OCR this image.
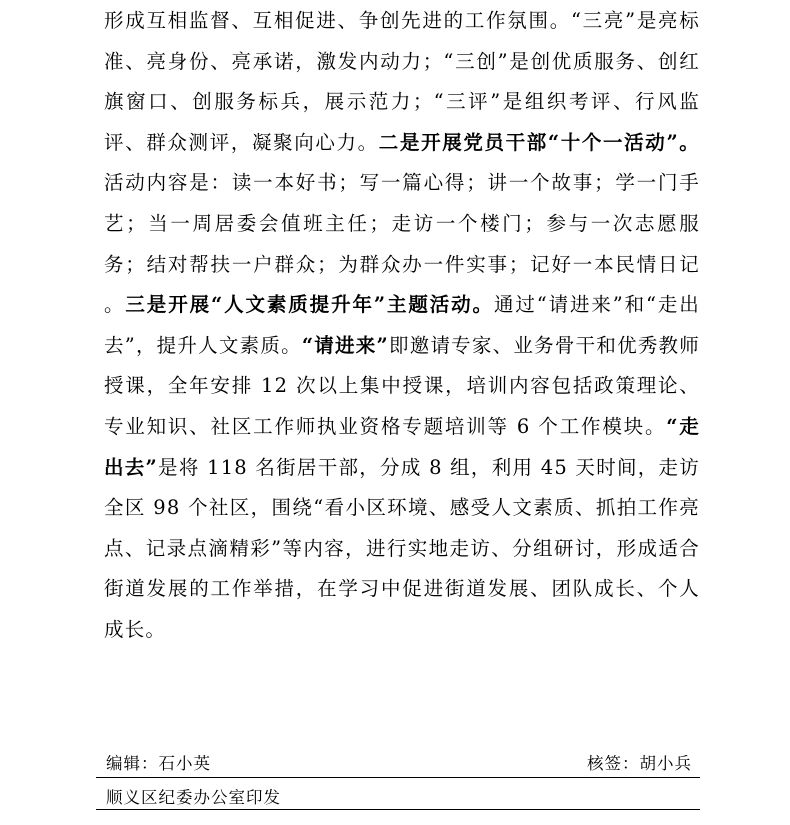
形成互相监督、互相促进、争创先进的工作氛围。“三亮”是亮标准、亮身份、亮承诺，激发内动力；“三创”是创优质服务、创红旗窗口、创服务标兵，展示范力；“三评”是组织考评、行风监评、群众测评，凝聚向心力。二是开展党员干部“十个一活动”。活动内容是：读一本好书；写一篇心得；讲一个故事；学一门手艺；当一周居委会值班主任；走访一个楼门；参与一次志愿服务；结对帮扶一户群众；为群众办一件实事；记好一本民情日记 。三是开展“人文素质提升年”主题活动。通过“请进来”和“走出去”，提升人文素质。“请进来”即邀请专家、业务骨干和优秀教师授课，全年安排 12 次以上集中授课，培训内容包括政策理论、专业知识、社区工作师执业资格专题培训等 6 个工作模块。“走出去”是将 118 名街居干部，分成 8 组，利用 45 天时间，走访全区 98 个社区，围绕“看小区环境、感受人文素质、抓拍工作亮点、记录点滴精彩”等内容，进行实地走访、分组研讨，形成适合街道发展的工作举措，在学习中促进街道发展、团队成长、个人成长。

编辑：石小英	核签：胡小兵
顺义区纪委办公室印发
